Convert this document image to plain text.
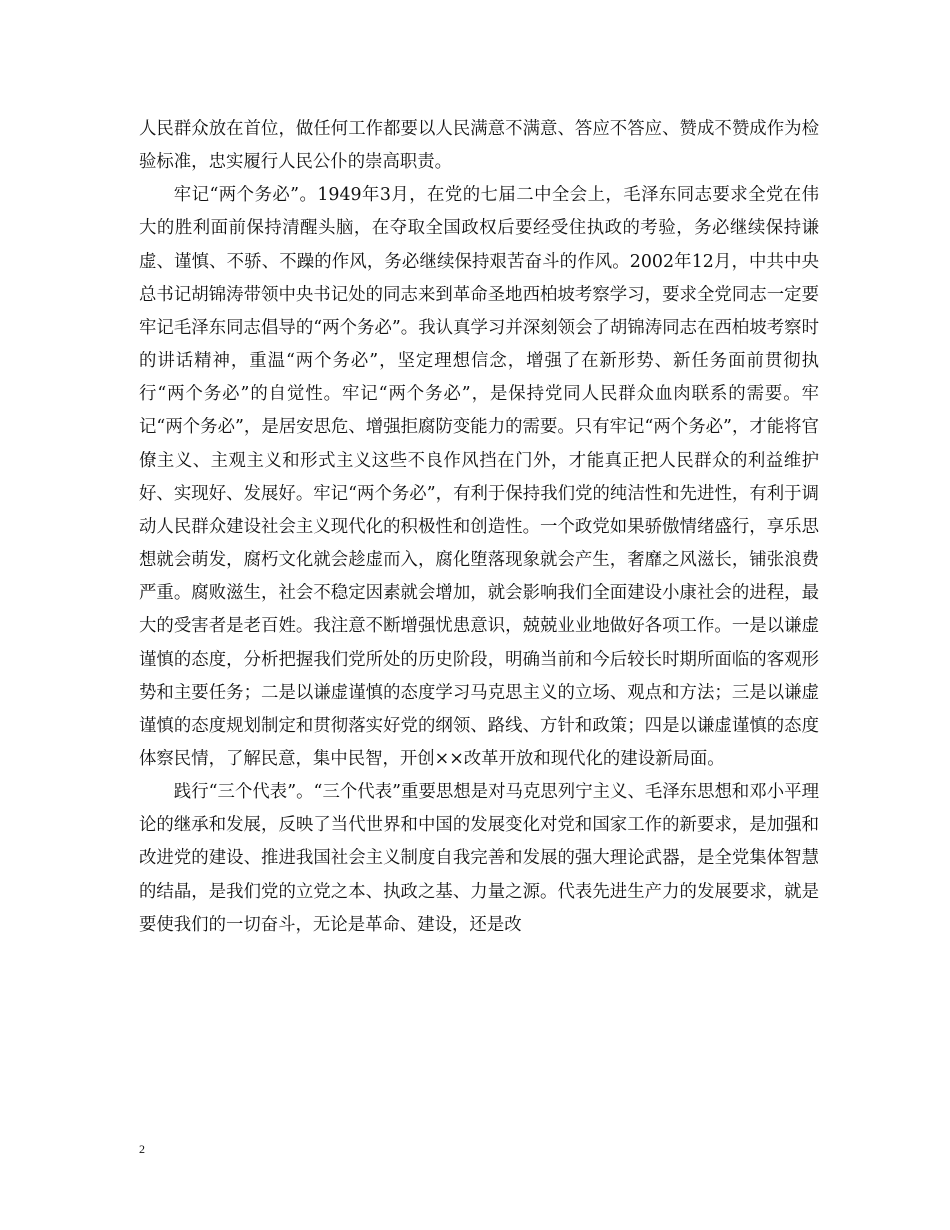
人民群众放在首位，做任何工作都要以人民满意不满意、答应不答应、赞成不赞成作为检验标准，忠实履行人民公仆的崇高职责。

牢记“两个务必”。1949年3月，在党的七届二中全会上，毛泽东同志要求全党在伟大的胜利面前保持清醒头脑，在夺取全国政权后要经受住执政的考验，务必继续保持谦虚、谨慎、不骄、不躁的作风，务必继续保持艰苦奋斗的作风。2002年12月，中共中央总书记胡锦涛带领中央书记处的同志来到革命圣地西柏坡考察学习，要求全党同志一定要牢记毛泽东同志倡导的“两个务必”。我认真学习并深刻领会了胡锦涛同志在西柏坡考察时的讲话精神，重温“两个务必”，坚定理想信念，增强了在新形势、新任务面前贯彻执行“两个务必”的自觉性。牢记“两个务必”，是保持党同人民群众血肉联系的需要。牢记“两个务必”，是居安思危、增强拒腐防变能力的需要。只有牢记“两个务必”，才能将官僚主义、主观主义和形式主义这些不良作风挡在门外，才能真正把人民群众的利益维护好、实现好、发展好。牢记“两个务必”，有利于保持我们党的纯洁性和先进性，有利于调动人民群众建设社会主义现代化的积极性和创造性。一个政党如果骄傲情绪盛行，享乐思想就会萌发，腐朽文化就会趁虚而入，腐化堕落现象就会产生，奢靡之风滋长，铺张浪费严重。腐败滋生，社会不稳定因素就会增加，就会影响我们全面建设小康社会的进程，最大的受害者是老百姓。我注意不断增强忧患意识，兢兢业业地做好各项工作。一是以谦虚谨慎的态度，分析把握我们党所处的历史阶段，明确当前和今后较长时期所面临的客观形势和主要任务；二是以谦虚谨慎的态度学习马克思主义的立场、观点和方法；三是以谦虚谨慎的态度规划制定和贯彻落实好党的纲领、路线、方针和政策；四是以谦虚谨慎的态度体察民情，了解民意，集中民智，开创××改革开放和现代化的建设新局面。

践行“三个代表”。“三个代表”重要思想是对马克思列宁主义、毛泽东思想和邓小平理论的继承和发展，反映了当代世界和中国的发展变化对党和国家工作的新要求，是加强和改进党的建设、推进我国社会主义制度自我完善和发展的强大理论武器，是全党集体智慧的结晶，是我们党的立党之本、执政之基、力量之源。代表先进生产力的发展要求，就是要使我们的一切奋斗，无论是革命、建设，还是改

2
